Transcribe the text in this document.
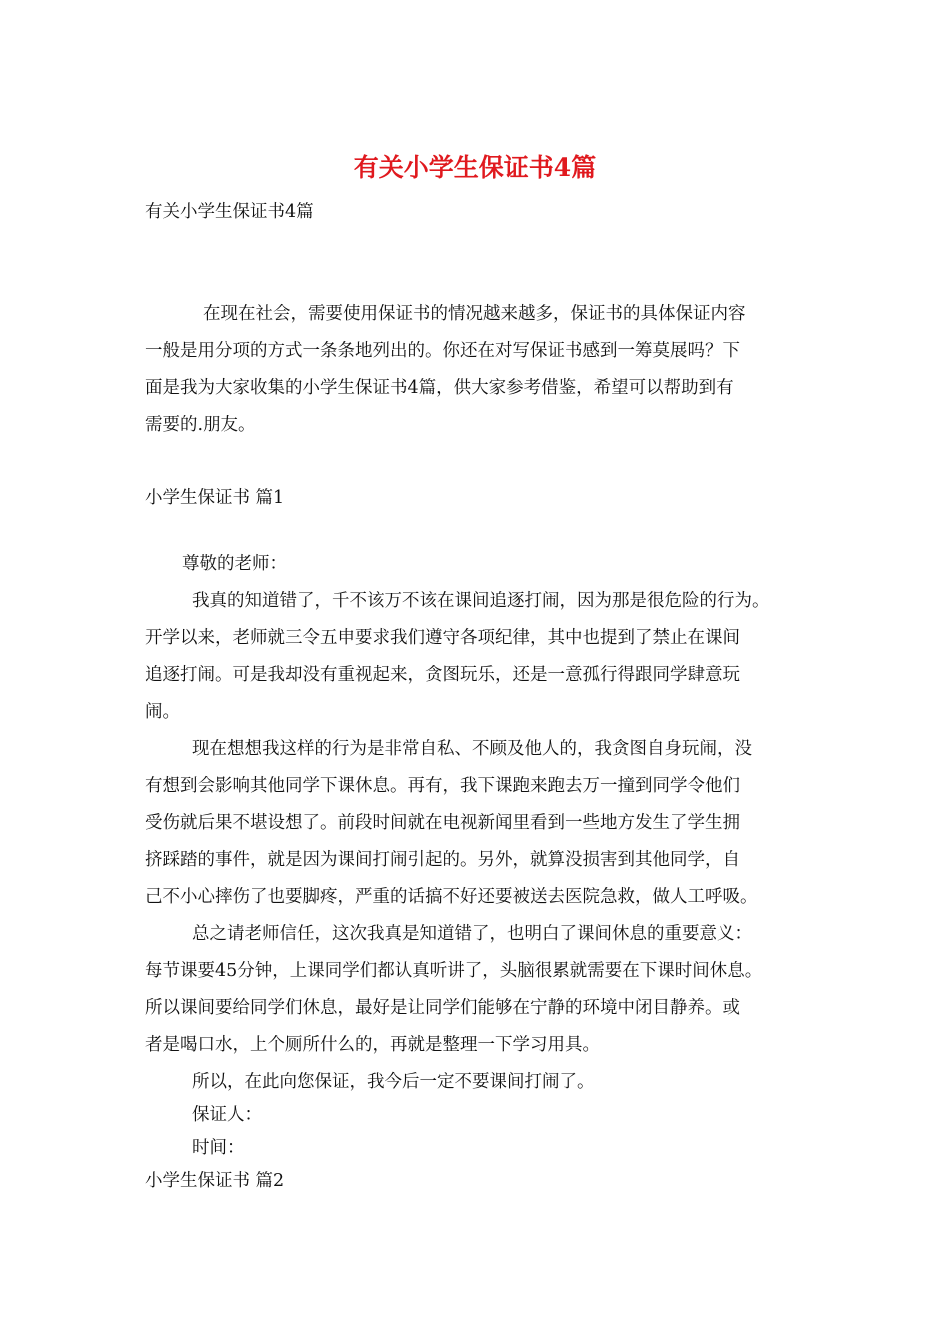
有关小学生保证书4篇

有关小学生保证书4篇

在现在社会，需要使用保证书的情况越来越多，保证书的具体保证内容

一般是用分项的方式一条条地列出的。你还在对写保证书感到一筹莫展吗？下

面是我为大家收集的小学生保证书4篇，供大家参考借鉴，希望可以帮助到有

需要的.朋友。

小学生保证书 篇1

尊敬的老师：

我真的知道错了，千不该万不该在课间追逐打闹，因为那是很危险的行为。

开学以来，老师就三令五申要求我们遵守各项纪律，其中也提到了禁止在课间

追逐打闹。可是我却没有重视起来，贪图玩乐，还是一意孤行得跟同学肆意玩

闹。

现在想想我这样的行为是非常自私、不顾及他人的，我贪图自身玩闹，没

有想到会影响其他同学下课休息。再有，我下课跑来跑去万一撞到同学令他们

受伤就后果不堪设想了。前段时间就在电视新闻里看到一些地方发生了学生拥

挤踩踏的事件，就是因为课间打闹引起的。另外，就算没损害到其他同学，自

己不小心摔伤了也要脚疼，严重的话搞不好还要被送去医院急救，做人工呼吸。

总之请老师信任，这次我真是知道错了，也明白了课间休息的重要意义：

每节课要45分钟，上课同学们都认真听讲了，头脑很累就需要在下课时间休息。

所以课间要给同学们休息，最好是让同学们能够在宁静的环境中闭目静养。或

者是喝口水，上个厕所什么的，再就是整理一下学习用具。

所以，在此向您保证，我今后一定不要课间打闹了。

保证人：

时间：

小学生保证书 篇2
